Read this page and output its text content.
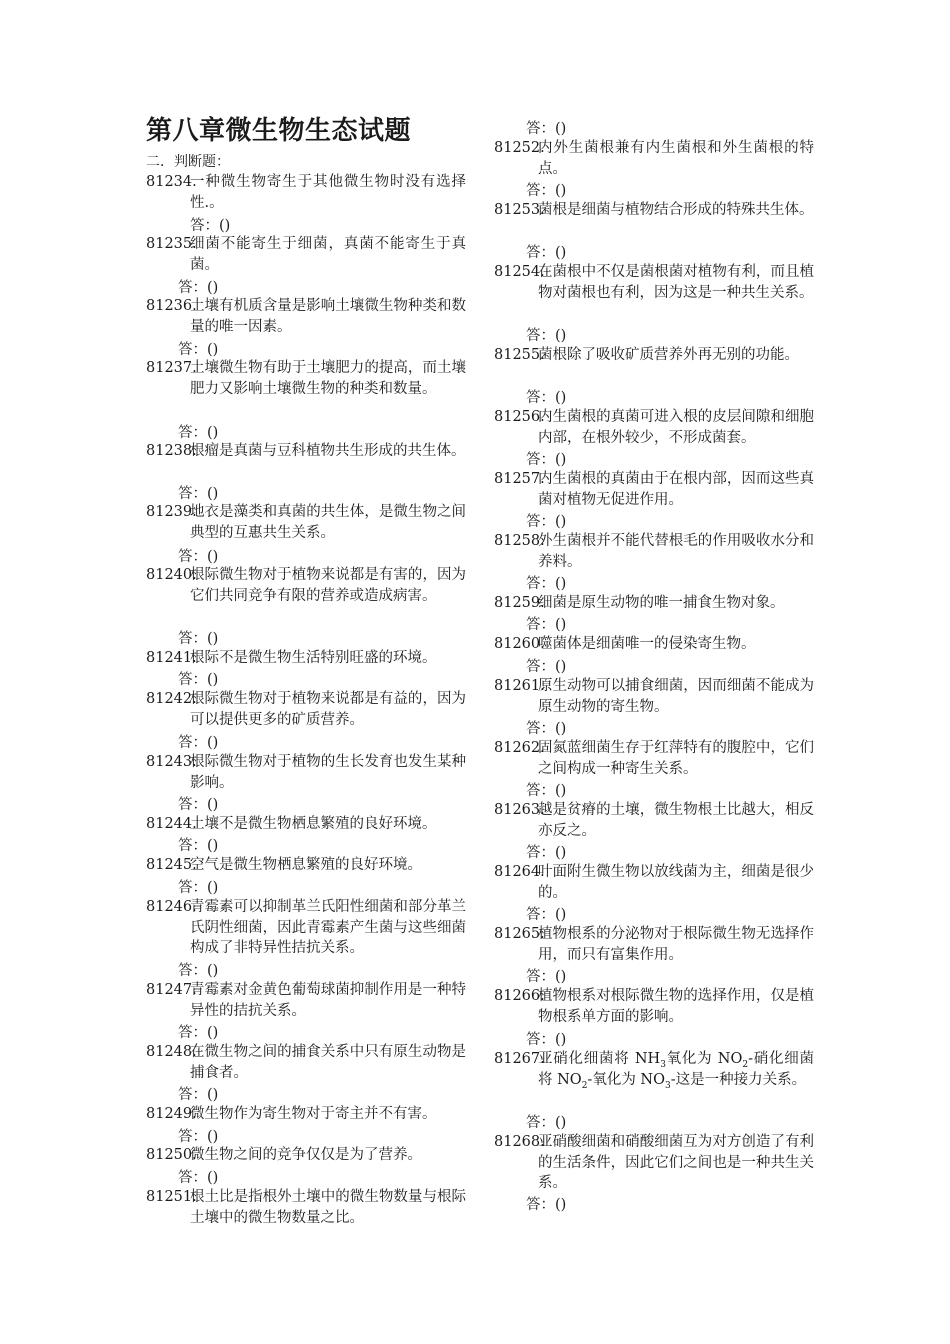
第八章微生物生态试题
二．判断题：
81234.
一种微生物寄生于其他微生物时没有选择性.。
答：()
81235.
细菌不能寄生于细菌，真菌不能寄生于真菌。
答：()
81236.
土壤有机质含量是影响土壤微生物种类和数量的唯一因素。
答：()
81237.
土壤微生物有助于土壤肥力的提高，而土壤肥力又影响土壤微生物的种类和数量。
答：()
81238.
根瘤是真菌与豆科植物共生形成的共生体。
答：()
81239.
地衣是藻类和真菌的共生体，是微生物之间典型的互惠共生关系。
答：()
81240.
根际微生物对于植物来说都是有害的，因为它们共同竞争有限的营养或造成病害。
答：()
81241.
根际不是微生物生活特别旺盛的环境。
答：()
81242.
根际微生物对于植物来说都是有益的，因为可以提供更多的矿质营养。
答：()
81243.
根际微生物对于植物的生长发育也发生某种影响。
答：()
81244.
土壤不是微生物栖息繁殖的良好环境。
答：()
81245.
空气是微生物栖息繁殖的良好环境。
答：()
81246.
青霉素可以抑制革兰氏阳性细菌和部分革兰氏阴性细菌，因此青霉素产生菌与这些细菌构成了非特异性拮抗关系。
答：()
81247.
青霉素对金黄色葡萄球菌抑制作用是一种特异性的拮抗关系。
答：()
81248.
在微生物之间的捕食关系中只有原生动物是捕食者。
答：()
81249.
微生物作为寄生物对于寄主并不有害。
答：()
81250.
微生物之间的竞争仅仅是为了营养。
答：()
81251.
根土比是指根外土壤中的微生物数量与根际土壤中的微生物数量之比。
答：()
81252.
内外生菌根兼有内生菌根和外生菌根的特点。
答：()
81253.
菌根是细菌与植物结合形成的特殊共生体。
答：()
81254.
在菌根中不仅是菌根菌对植物有利，而且植物对菌根也有利，因为这是一种共生关系。
答：()
81255.
菌根除了吸收矿质营养外再无别的功能。
答：()
81256.
内生菌根的真菌可进入根的皮层间隙和细胞内部，在根外较少，不形成菌套。
答：()
81257.
内生菌根的真菌由于在根内部，因而这些真菌对植物无促进作用。
答：()
81258.
外生菌根并不能代替根毛的作用吸收水分和养料。
答：()
81259.
细菌是原生动物的唯一捕食生物对象。
答：()
81260.
噬菌体是细菌唯一的侵染寄生物。
答：()
81261.
原生动物可以捕食细菌，因而细菌不能成为原生动物的寄生物。
答：()
81262.
固氮蓝细菌生存于红萍特有的腹腔中，它们之间构成一种寄生关系。
答：()
81263.
越是贫瘠的土壤，微生物根土比越大，相反亦反之。
答：()
81264.
叶面附生微生物以放线菌为主，细菌是很少的。
答：()
81265.
植物根系的分泌物对于根际微生物无选择作用，而只有富集作用。
答：()
81266.
植物根系对根际微生物的选择作用，仅是植物根系单方面的影响。
答：()
81267.
亚硝化细菌将 $NH_3$氧化为 $NO_2-$硝化细菌将 $NO_2-$氧化为 $NO_3-$这是一种接力关系。
答：()
81268.
亚硝酸细菌和硝酸细菌互为对方创造了有利的生活条件，因此它们之间也是一种共生关系。
答：()
